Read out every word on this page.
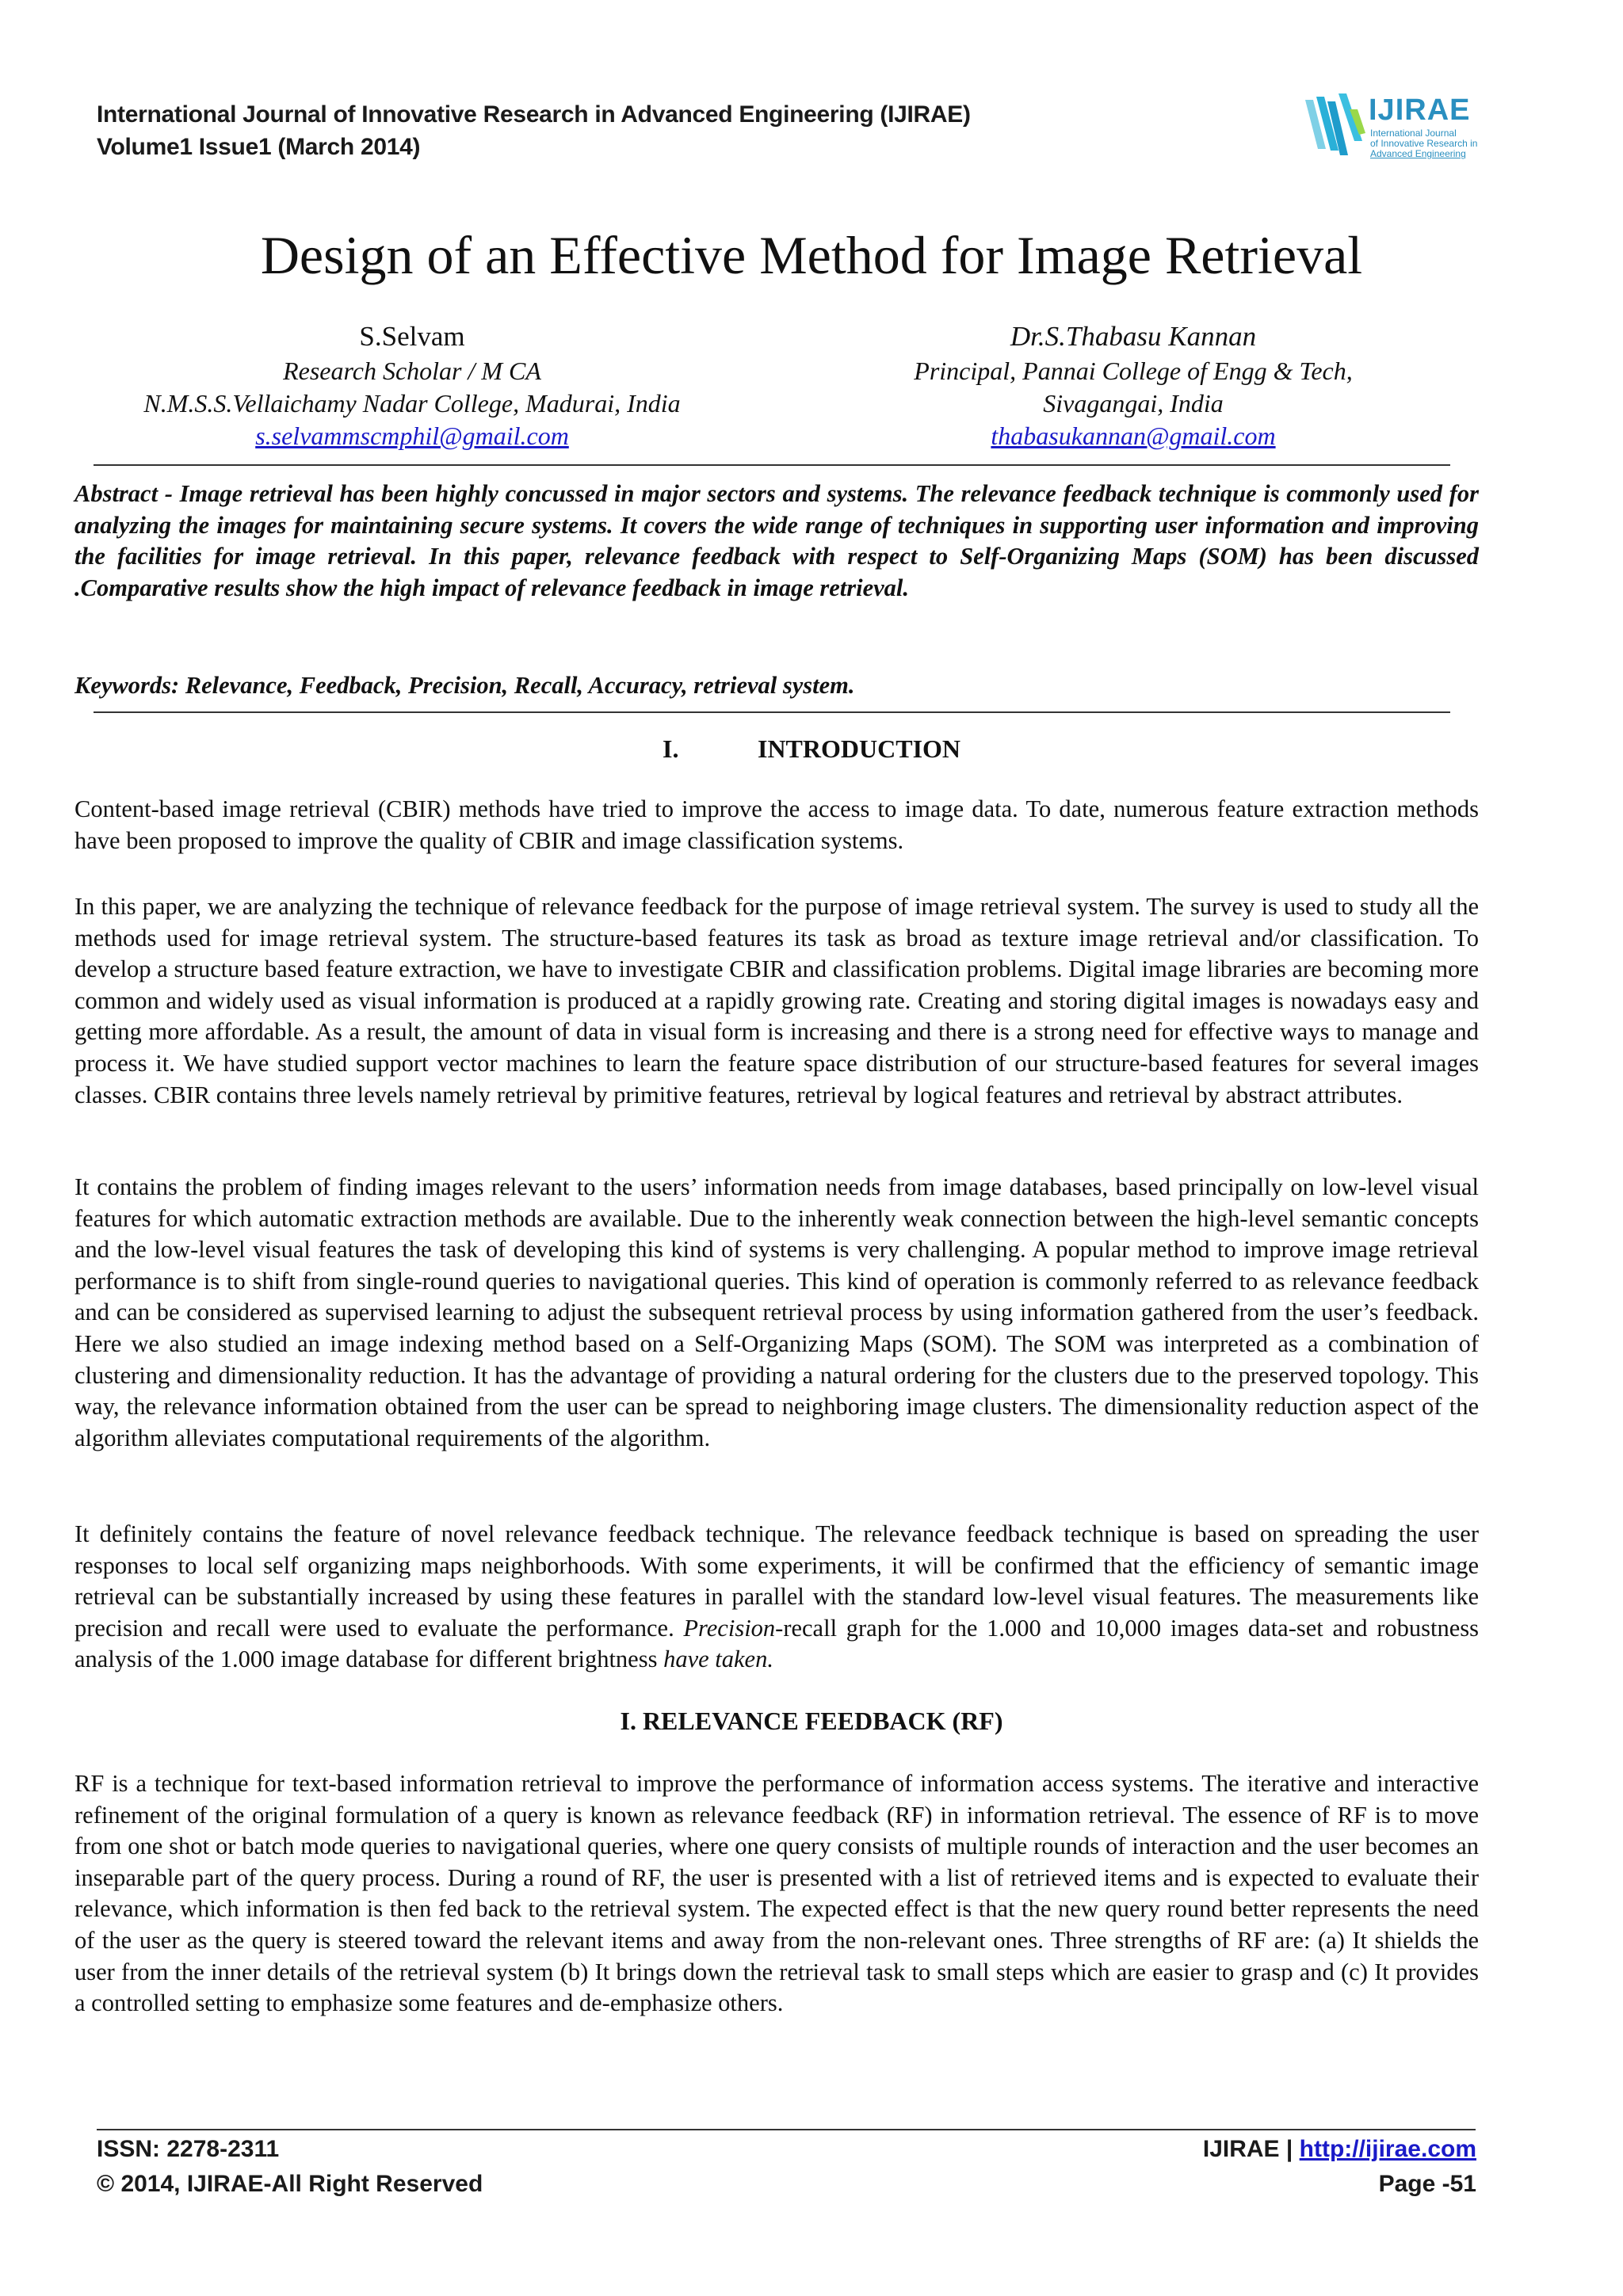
International Journal of Innovative Research in Advanced Engineering (IJIRAE)
Volume1 Issue1 (March 2014)
IJIRAE
International Journal
of Innovative Research in
Advanced Engineering
Design of an Effective Method for Image Retrieval
S.Selvam
Research Scholar / M CA
N.M.S.S.Vellaichamy Nadar College, Madurai, India
s.selvammscmphil@gmail.com
Dr.S.Thabasu Kannan
Principal, Pannai College of Engg & Tech,
Sivagangai, India
thabasukannan@gmail.com
Abstract - Image retrieval has been highly concussed in major sectors and systems. The relevance feedback technique is commonly used for analyzing the images for maintaining secure systems. It covers the wide range of techniques in supporting user information and improving the facilities for image retrieval. In this paper, relevance feedback with respect to Self-Organizing Maps (SOM) has been discussed .Comparative results show the high impact of relevance feedback in image retrieval.
Keywords: Relevance, Feedback, Precision, Recall, Accuracy, retrieval system.
I.	INTRODUCTION
Content-based image retrieval (CBIR) methods have tried to improve the access to image data. To date, numerous feature extraction methods have been proposed to improve the quality of CBIR and image classification systems.
In this paper, we are analyzing the technique of relevance feedback for the purpose of image retrieval system. The survey is used to study all the methods used for image retrieval system. The structure-based features its task as broad as texture image retrieval and/or classification. To develop a structure based feature extraction, we have to investigate CBIR and classification problems. Digital image libraries are becoming more common and widely used as visual information is produced at a rapidly growing rate. Creating and storing digital images is nowadays easy and getting more affordable. As a result, the amount of data in visual form is increasing and there is a strong need for effective ways to manage and process it. We have studied support vector machines to learn the feature space distribution of our structure-based features for several images classes. CBIR contains three levels namely retrieval by primitive features, retrieval by logical features and retrieval by abstract attributes.
It contains the problem of finding images relevant to the users’ information needs from image databases, based principally on low-level visual features for which automatic extraction methods are available. Due to the inherently weak connection between the high-level semantic concepts and the low-level visual features the task of developing this kind of systems is very challenging. A popular method to improve image retrieval performance is to shift from single-round queries to navigational queries. This kind of operation is commonly referred to as relevance feedback and can be considered as supervised learning to adjust the subsequent retrieval process by using information gathered from the user’s feedback. Here we also studied an image indexing method based on a Self-Organizing Maps (SOM). The SOM was interpreted as a combination of clustering and dimensionality reduction. It has the advantage of providing a natural ordering for the clusters due to the preserved topology. This way, the relevance information obtained from the user can be spread to neighboring image clusters. The dimensionality reduction aspect of the algorithm alleviates computational requirements of the algorithm.
It definitely contains the feature of novel relevance feedback technique. The relevance feedback technique is based on spreading the user responses to local self organizing maps neighborhoods. With some experiments, it will be confirmed that the efficiency of semantic image retrieval can be substantially increased by using these features in parallel with the standard low-level visual features. The measurements like precision and recall were used to evaluate the performance. Precision-recall graph for the 1.000 and 10,000 images data-set and robustness analysis of the 1.000 image database for different brightness have taken.
I. RELEVANCE FEEDBACK (RF)
RF is a technique for text-based information retrieval to improve the performance of information access systems. The iterative and interactive refinement of the original formulation of a query is known as relevance feedback (RF) in information retrieval. The essence of RF is to move from one shot or batch mode queries to navigational queries, where one query consists of multiple rounds of interaction and the user becomes an inseparable part of the query process. During a round of RF, the user is presented with a list of retrieved items and is expected to evaluate their relevance, which information is then fed back to the retrieval system. The expected effect is that the new query round better represents the need of the user as the query is steered toward the relevant items and away from the non-relevant ones. Three strengths of RF are: (a) It shields the user from the inner details of the retrieval system (b) It brings down the retrieval task to small steps which are easier to grasp and (c) It provides a controlled setting to emphasize some features and de-emphasize others.
ISSN: 2278-2311
© 2014, IJIRAE-All Right Reserved
IJIRAE | http://ijirae.com
Page -51
